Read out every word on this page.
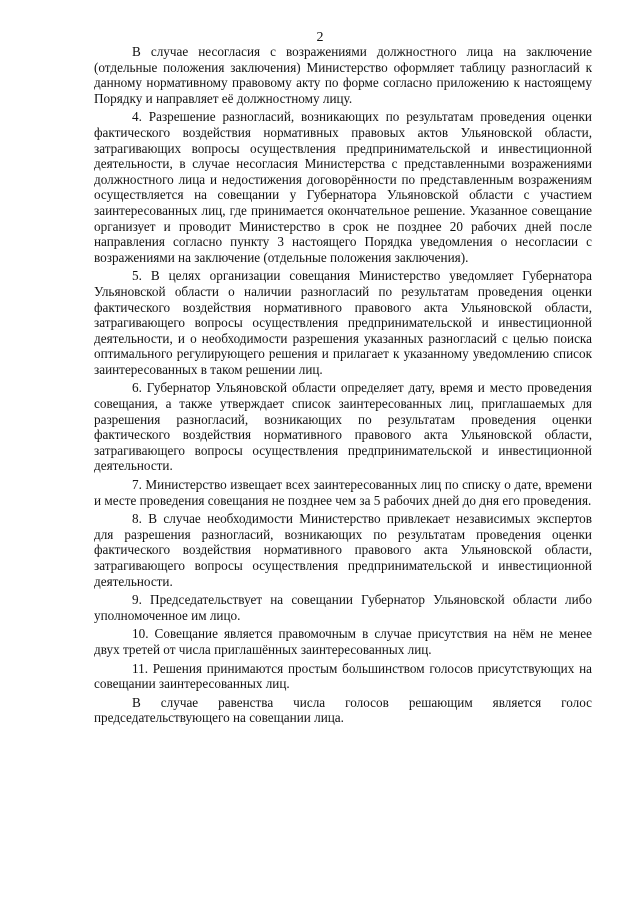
2

В случае несогласия с возражениями должностного лица на заключение (отдельные положения заключения) Министерство оформляет таблицу разногласий к данному нормативному правовому акту по форме согласно приложению к настоящему Порядку и направляет её должностному лицу.

4. Разрешение разногласий, возникающих по результатам проведения оценки фактического воздействия нормативных правовых актов Ульяновской области, затрагивающих вопросы осуществления предпринимательской и инвестиционной деятельности, в случае несогласия Министерства с представленными возражениями должностного лица и недостижения договорённости по представленным возражениям осуществляется на совещании у Губернатора Ульяновской области с участием заинтересованных лиц, где принимается окончательное решение. Указанное совещание организует и проводит Министерство в срок не позднее 20 рабочих дней после направления согласно пункту 3 настоящего Порядка уведомления о несогласии с возражениями на заключение (отдельные положения заключения).

5. В целях организации совещания Министерство уведомляет Губернатора Ульяновской области о наличии разногласий по результатам проведения оценки фактического воздействия нормативного правового акта Ульяновской области, затрагивающего вопросы осуществления предпринимательской и инвестиционной деятельности, и о необходимости разрешения указанных разногласий с целью поиска оптимального регулирующего решения и прилагает к указанному уведомлению список заинтересованных в таком решении лиц.

6. Губернатор Ульяновской области определяет дату, время и место проведения совещания, а также утверждает список заинтересованных лиц, приглашаемых для разрешения разногласий, возникающих по результатам проведения оценки фактического воздействия нормативного правового акта Ульяновской области, затрагивающего вопросы осуществления предпринимательской и инвестиционной деятельности.

7. Министерство извещает всех заинтересованных лиц по списку о дате, времени и месте проведения совещания не позднее чем за 5 рабочих дней до дня его проведения.

8. В случае необходимости Министерство привлекает независимых экспертов для разрешения разногласий, возникающих по результатам проведения оценки фактического воздействия нормативного правового акта Ульяновской области, затрагивающего вопросы осуществления предпринимательской и инвестиционной деятельности.

9. Председательствует на совещании Губернатор Ульяновской области либо уполномоченное им лицо.

10. Совещание является правомочным в случае присутствия на нём не менее двух третей от числа приглашённых заинтересованных лиц.

11. Решения принимаются простым большинством голосов присутствующих на совещании заинтересованных лиц.

В случае равенства числа голосов решающим является голос председательствующего на совещании лица.
